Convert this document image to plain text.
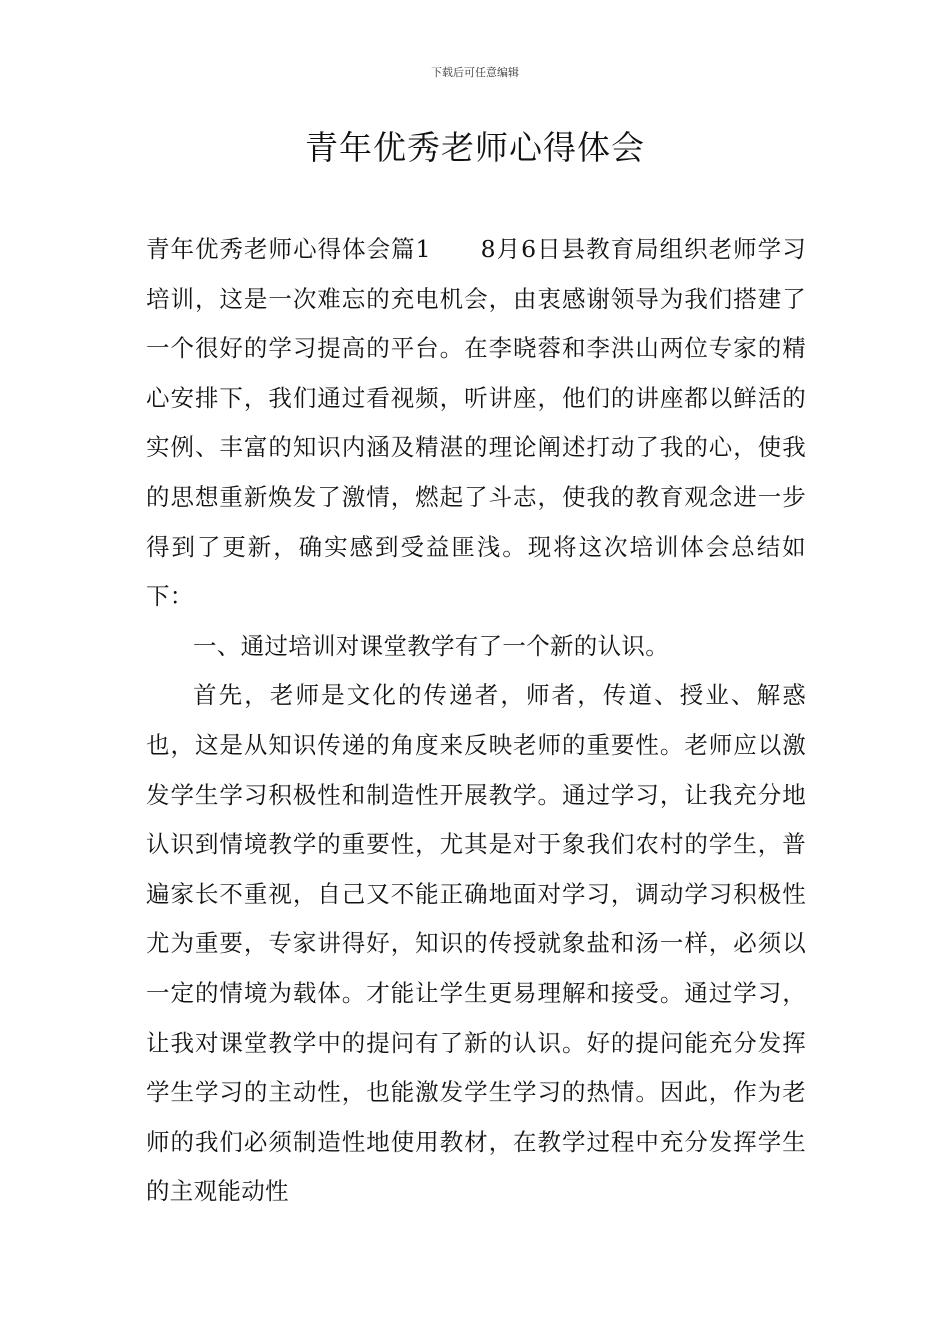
下载后可任意编辑
青年优秀老师心得体会

青年优秀老师心得体会篇1　　8月6日县教育局组织老师学习培训，这是一次难忘的充电机会，由衷感谢领导为我们搭建了一个很好的学习提高的平台。在李晓蓉和李洪山两位专家的精心安排下，我们通过看视频，听讲座，他们的讲座都以鲜活的实例、丰富的知识内涵及精湛的理论阐述打动了我的心，使我的思想重新焕发了激情，燃起了斗志，使我的教育观念进一步得到了更新，确实感到受益匪浅。现将这次培训体会总结如下：

一、通过培训对课堂教学有了一个新的认识。

首先，老师是文化的传递者，师者，传道、授业、解惑也，这是从知识传递的角度来反映老师的重要性。老师应以激发学生学习积极性和制造性开展教学。通过学习，让我充分地认识到情境教学的重要性，尤其是对于象我们农村的学生，普遍家长不重视，自己又不能正确地面对学习，调动学习积极性尤为重要，专家讲得好，知识的传授就象盐和汤一样，必须以一定的情境为载体。才能让学生更易理解和接受。通过学习，让我对课堂教学中的提问有了新的认识。好的提问能充分发挥学生学习的主动性，也能激发学生学习的热情。因此，作为老师的我们必须制造性地使用教材，在教学过程中充分发挥学生的主观能动性
